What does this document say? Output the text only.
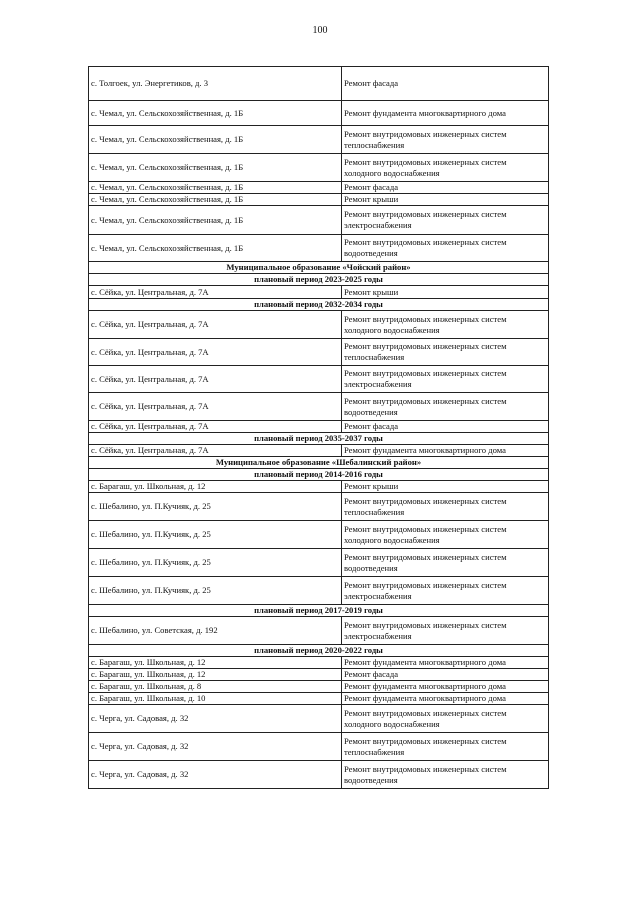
100
с. Толгоек, ул. Энергетиков, д. 3	Ремонт фасада
с. Чемал, ул. Сельскохозяйственная, д. 1Б	Ремонт фундамента многоквартирного дома
с. Чемал, ул. Сельскохозяйственная, д. 1Б	Ремонт внутридомовых инженерных систем теплоснабжения
с. Чемал, ул. Сельскохозяйственная, д. 1Б	Ремонт внутридомовых инженерных систем холодного водоснабжения
с. Чемал, ул. Сельскохозяйственная, д. 1Б	Ремонт фасада
с. Чемал, ул. Сельскохозяйственная, д. 1Б	Ремонт крыши
с. Чемал, ул. Сельскохозяйственная, д. 1Б	Ремонт внутридомовых инженерных систем электроснабжения
с. Чемал, ул. Сельскохозяйственная, д. 1Б	Ремонт внутридомовых инженерных систем водоотведения
Муниципальное образование «Чойский район»	
плановый период 2023-2025 годы	
с. Сёйка, ул. Центральная, д. 7А	Ремонт крыши
плановый период 2032-2034 годы	
с. Сёйка, ул. Центральная, д. 7А	Ремонт внутридомовых инженерных систем холодного водоснабжения
с. Сёйка, ул. Центральная, д. 7А	Ремонт внутридомовых инженерных систем теплоснабжения
с. Сёйка, ул. Центральная, д. 7А	Ремонт внутридомовых инженерных систем электроснабжения
с. Сёйка, ул. Центральная, д. 7А	Ремонт внутридомовых инженерных систем водоотведения
с. Сёйка, ул. Центральная, д. 7А	Ремонт фасада
плановый период 2035-2037 годы	
с. Сёйка, ул. Центральная, д. 7А	Ремонт фундамента многоквартирного дома
Муниципальное образование «Шебалинский район»	
плановый период 2014-2016 годы	
с. Барагаш, ул. Школьная, д. 12	Ремонт крыши
с. Шебалино, ул. П.Кучияк, д. 25	Ремонт внутридомовых инженерных систем теплоснабжения
с. Шебалино, ул. П.Кучияк, д. 25	Ремонт внутридомовых инженерных систем холодного водоснабжения
с. Шебалино, ул. П.Кучияк, д. 25	Ремонт внутридомовых инженерных систем водоотведения
с. Шебалино, ул. П.Кучияк, д. 25	Ремонт внутридомовых инженерных систем электроснабжения
плановый период 2017-2019 годы	
с. Шебалино, ул. Советская, д. 192	Ремонт внутридомовых инженерных систем электроснабжения
плановый период 2020-2022 годы	
с. Барагаш, ул. Школьная, д. 12	Ремонт фундамента многоквартирного дома
с. Барагаш, ул. Школьная, д. 12	Ремонт фасада
с. Барагаш, ул. Школьная, д. 8	Ремонт фундамента многоквартирного дома
с. Барагаш, ул. Школьная, д. 10	Ремонт фундамента многоквартирного дома
с. Черга, ул. Садовая, д. 32	Ремонт внутридомовых инженерных систем холодного водоснабжения
с. Черга, ул. Садовая, д. 32	Ремонт внутридомовых инженерных систем теплоснабжения
с. Черга, ул. Садовая, д. 32	Ремонт внутридомовых инженерных систем водоотведения
